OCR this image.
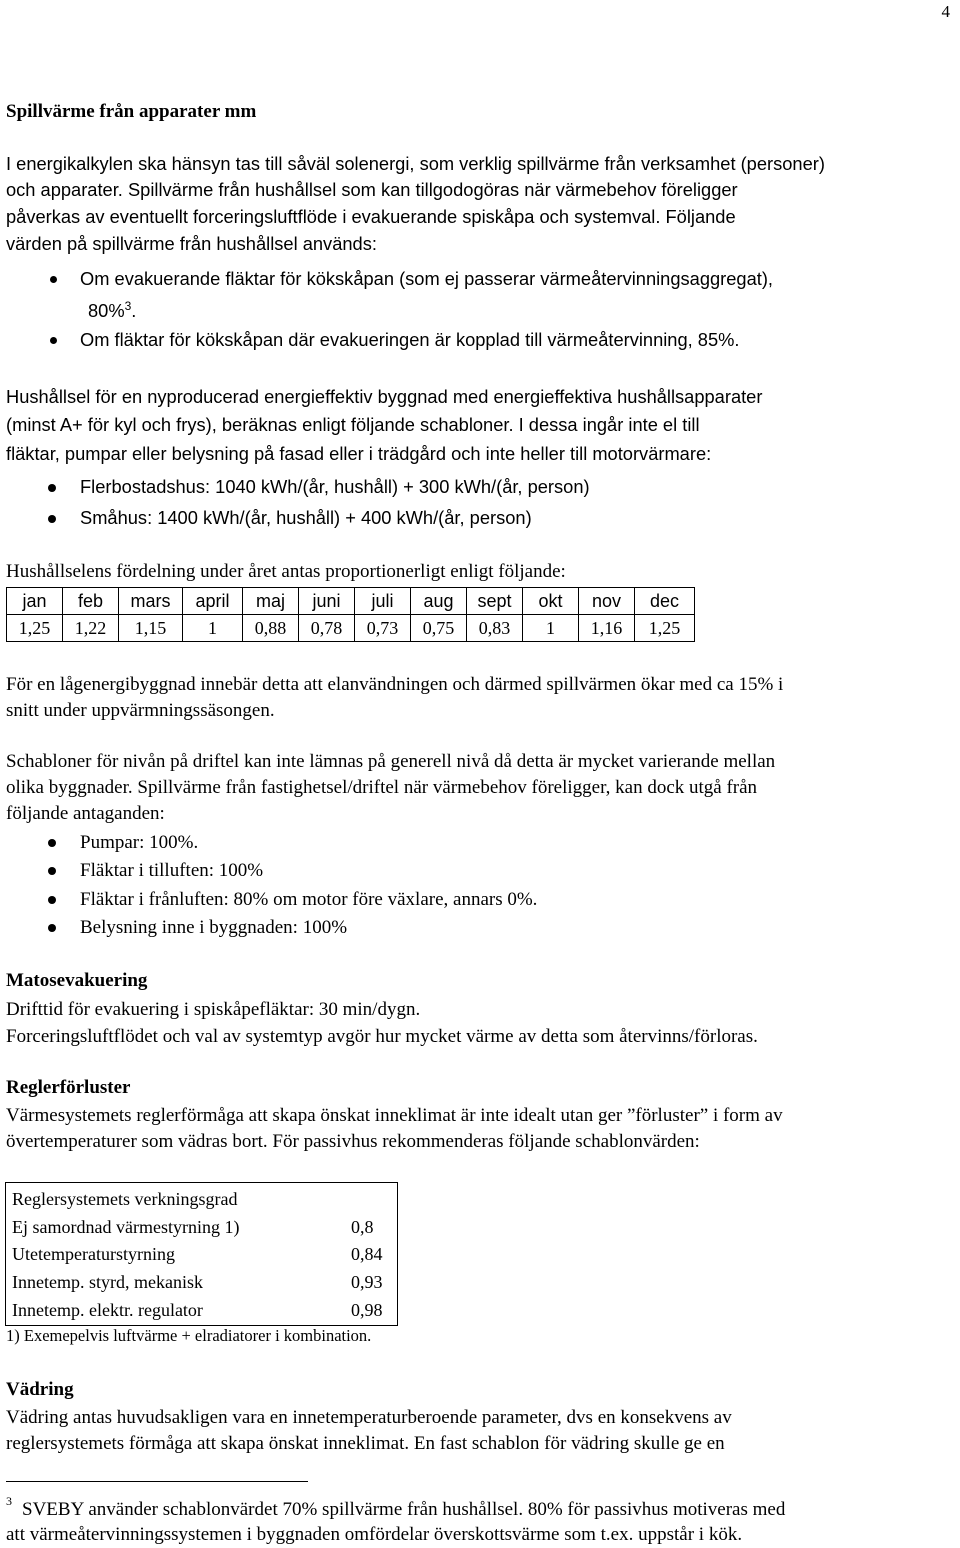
4
Spillvärme från apparater mm
I energikalkylen ska hänsyn tas till såväl solenergi, som verklig spillvärme från verksamhet (personer)
och apparater. Spillvärme från hushållsel som kan tillgodogöras när värmebehov föreligger
påverkas av eventuellt forceringsluftflöde i evakuerande spiskåpa och systemval. Följande
värden på spillvärme från hushållsel används:
Om evakuerande fläktar för kökskåpan (som ej passerar värmeåtervinningsaggregat),
80%$^3$.
Om fläktar för kökskåpan där evakueringen är kopplad till värmeåtervinning, 85%.
Hushållsel för en nyproducerad energieffektiv byggnad med energieffektiva hushållsapparater
(minst A+ för kyl och frys), beräknas enligt följande schabloner. I dessa ingår inte el till
fläktar, pumpar eller belysning på fasad eller i trädgård och inte heller till motorvärmare:
Flerbostadshus: 1040 kWh/(år, hushåll) + 300 kWh/(år, person)
Småhus: 1400 kWh/(år, hushåll) + 400 kWh/(år, person)
Hushållselens fördelning under året antas proportionerligt enligt följande:
jan	feb	mars	april	maj	juni	juli	aug	sept	okt	nov	dec
1,25	1,22	1,15	1	0,88	0,78	0,73	0,75	0,83	1	1,16	1,25
För en lågenergibyggnad innebär detta att elanvändningen och därmed spillvärmen ökar med ca 15% i
snitt under uppvärmningssäsongen.
Schabloner för nivån på driftel kan inte lämnas på generell nivå då detta är mycket varierande mellan
olika byggnader. Spillvärme från fastighetsel/driftel när värmebehov föreligger, kan dock utgå från
följande antaganden:
Pumpar: 100%.
Fläktar i tilluften: 100%
Fläktar i frånluften: 80% om motor före växlare, annars 0%.
Belysning inne i byggnaden: 100%
Matosevakuering
Drifttid för evakuering i spiskåpefläktar: 30 min/dygn.
Forceringsluftflödet och val av systemtyp avgör hur mycket värme av detta som återvinns/förloras.
Reglerförluster
Värmesystemets reglerförmåga att skapa önskat inneklimat är inte idealt utan ger ”förluster” i form av
övertemperaturer som vädras bort. För passivhus rekommenderas följande schablonvärden:
Reglersystemets verkningsgrad
Ej samordnad värmestyrning 1)	0,8
Utetemperaturstyrning	0,84
Innetemp. styrd, mekanisk	0,93
Innetemp. elektr. regulator	0,98
1) Exemepelvis luftvärme + elradiatorer i kombination.
Vädring
Vädring antas huvudsakligen vara en innetemperaturberoende parameter, dvs en konsekvens av
reglersystemets förmåga att skapa önskat inneklimat. En fast schablon för vädring skulle ge en
3 SVEBY använder schablonvärdet 70% spillvärme från hushållsel. 80% för passivhus motiveras med
att värmeåtervinningssystemen i byggnaden omfördelar överskottsvärme som t.ex. uppstår i kök.
